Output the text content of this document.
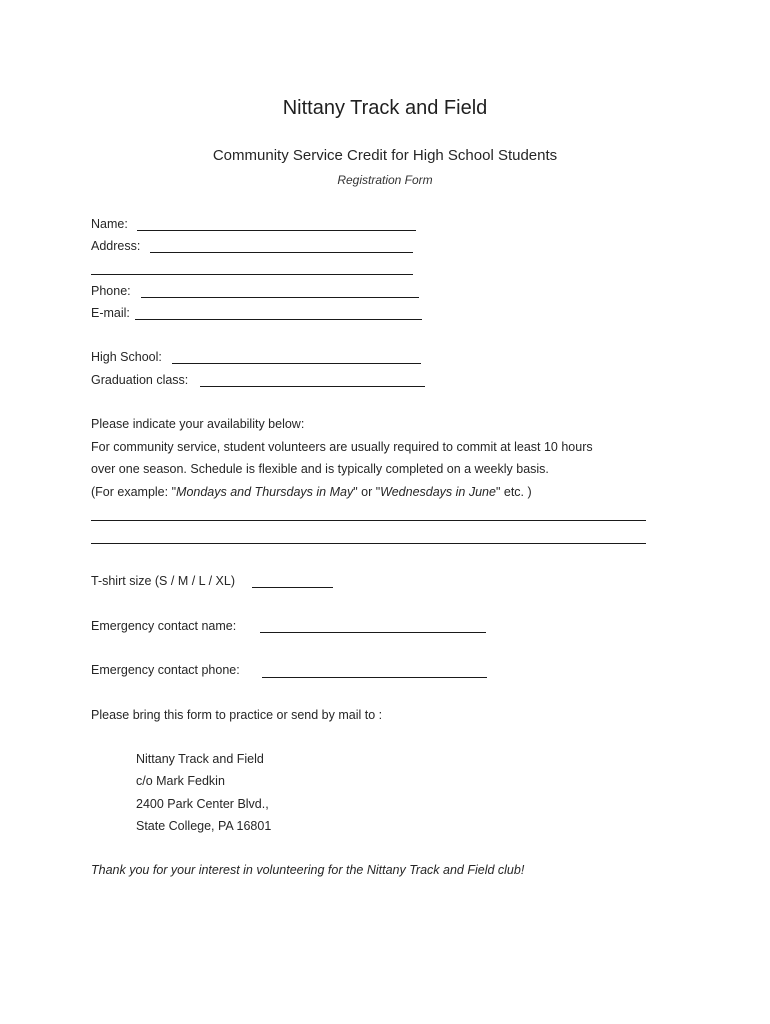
Nittany Track and Field
Community Service Credit for High School Students
Registration Form
Name:
Address:
Phone:
E-mail:
High School:
Graduation class:
Please indicate your availability below:
For community service, student volunteers are usually required to commit at least 10 hours
over one season. Schedule is flexible and is typically completed on a weekly basis.
(For example: "Mondays and Thursdays in May" or "Wednesdays in June" etc. )
T-shirt size (S / M / L / XL)
Emergency contact name:
Emergency contact phone:
Please bring this form to practice or send by mail to :
Nittany Track and Field
c/o Mark Fedkin
2400 Park Center Blvd.,
State College, PA 16801
Thank you for your interest in volunteering for the Nittany Track and Field club!
